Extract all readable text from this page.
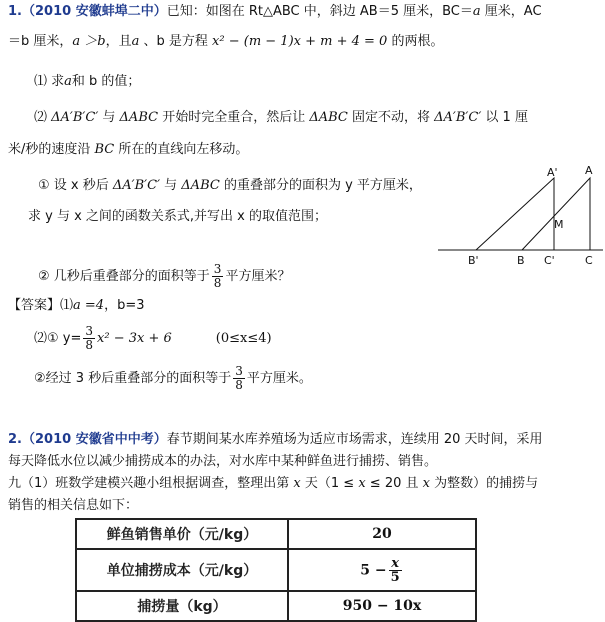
1.（2010 安徽蚌埠二中）已知：如图在 Rt△ABC 中，斜边 AB＝5 厘米，BC＝a 厘米，AC
＝b 厘米，a ＞b，且a 、b 是方程 x² − (m − 1)x + m + 4 = 0 的两根。
⑴ 求a和 b 的值；
⑵ ΔA′B′C′ 与 ΔABC 开始时完全重合，然后让 ΔABC 固定不动，将 ΔA′B′C′ 以 1 厘
米/秒的速度沿 BC 所在的直线向左移动。
① 设 x 秒后 ΔA′B′C′ 与 ΔABC 的重叠部分的面积为 y 平方厘米，
求 y 与 x 之间的函数关系式,并写出 x 的取值范围；
② 几秒后重叠部分的面积等于 $\frac{3}{8}$ 平方厘米？
A' A
M
B'	B C'	C
【答案】⑴a =4，b=3
⑵① $y= \frac{3}{8} x^2 - 3x + 6$	(0≤x≤4)
②经过 3 秒后重叠部分的面积等于 $\frac{3}{8}$ 平方厘米。
2.（2010 安徽省中中考）春节期间某水库养殖场为适应市场需求，连续用 20 天时间，采用
每天降低水位以减少捕捞成本的办法，对水库中某种鲜鱼进行捕捞、销售。
九（1）班数学建模兴趣小组根据调查，整理出第 x 天（1 ≤ x ≤ 20 且 x 为整数）的捕捞与
销售的相关信息如下：
鲜鱼销售单价（元/kg）	20
单位捕捞成本（元/kg）	$5 - \frac{x}{5}$

捕捞量（kg）	950 − 10x
